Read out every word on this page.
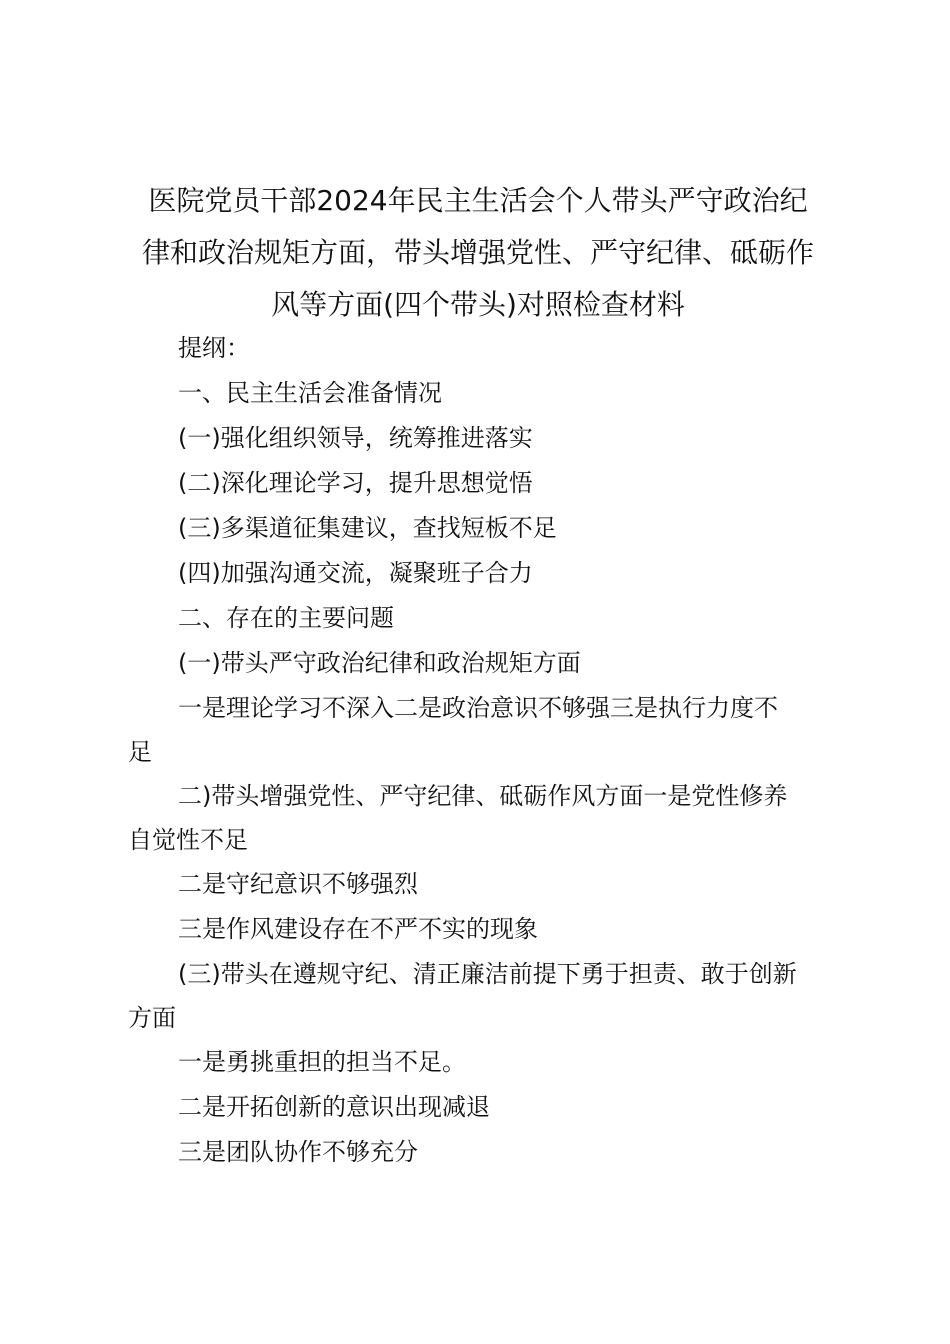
医院党员干部2024年民主生活会个人带头严守政治纪
律和政治规矩方面，带头增强党性、严守纪律、砥砺作
风等方面(四个带头)对照检查材料

提纲：

一、民主生活会准备情况

(一)强化组织领导，统筹推进落实

(二)深化理论学习，提升思想觉悟

(三)多渠道征集建议，查找短板不足

(四)加强沟通交流，凝聚班子合力

二、存在的主要问题

(一)带头严守政治纪律和政治规矩方面

一是理论学习不深入二是政治意识不够强三是执行力度不
足

二)带头增强党性、严守纪律、砥砺作风方面一是党性修养
自觉性不足

二是守纪意识不够强烈

三是作风建设存在不严不实的现象

(三)带头在遵规守纪、清正廉洁前提下勇于担责、敢于创新
方面

一是勇挑重担的担当不足。

二是开拓创新的意识出现减退

三是团队协作不够充分
